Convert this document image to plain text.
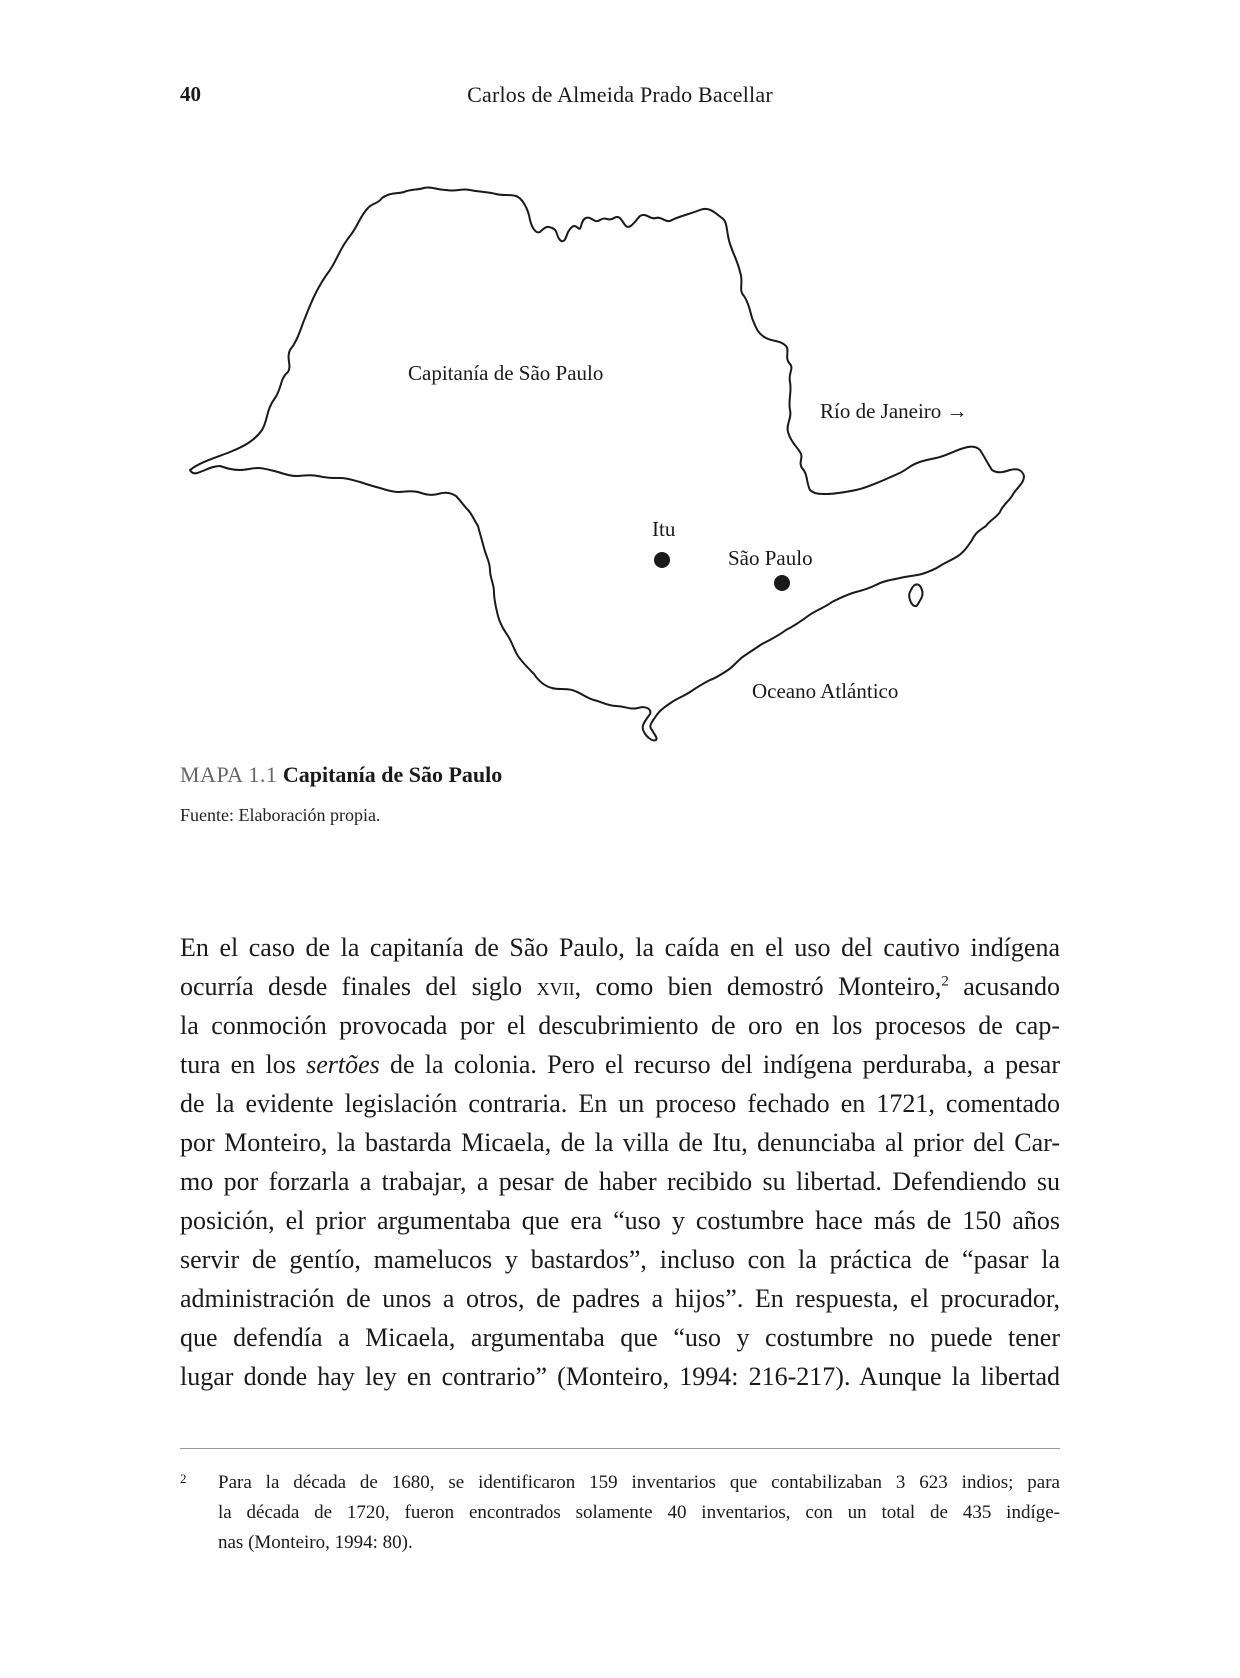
40	Carlos de Almeida Prado Bacellar
Capitanía de São Paulo
Río de Janeiro →
Itu
São Paulo
Oceano Atlántico
MAPA 1.1 Capitanía de São Paulo
Fuente: Elaboración propia.
En el caso de la capitanía de São Paulo, la caída en el uso del cautivo indígena
ocurría desde finales del siglo xvii, como bien demostró Monteiro,$^2$ acusando
la conmoción provocada por el descubrimiento de oro en los procesos de cap-
tura en los sertões de la colonia. Pero el recurso del indígena perduraba, a pesar
de la evidente legislación contraria. En un proceso fechado en 1721, comentado
por Monteiro, la bastarda Micaela, de la villa de Itu, denunciaba al prior del Car-
mo por forzarla a trabajar, a pesar de haber recibido su libertad. Defendiendo su
posición, el prior argumentaba que era “uso y costumbre hace más de 150 años
servir de gentío, mamelucos y bastardos”, incluso con la práctica de “pasar la
administración de unos a otros, de padres a hijos”. En respuesta, el procurador,
que defendía a Micaela, argumentaba que “uso y costumbre no puede tener
lugar donde hay ley en contrario” (Monteiro, 1994: 216-217). Aunque la libertad
2 Para la década de 1680, se identificaron 159 inventarios que contabilizaban 3 623 indios; para
la década de 1720, fueron encontrados solamente 40 inventarios, con un total de 435 indíge-
nas (Monteiro, 1994: 80).
